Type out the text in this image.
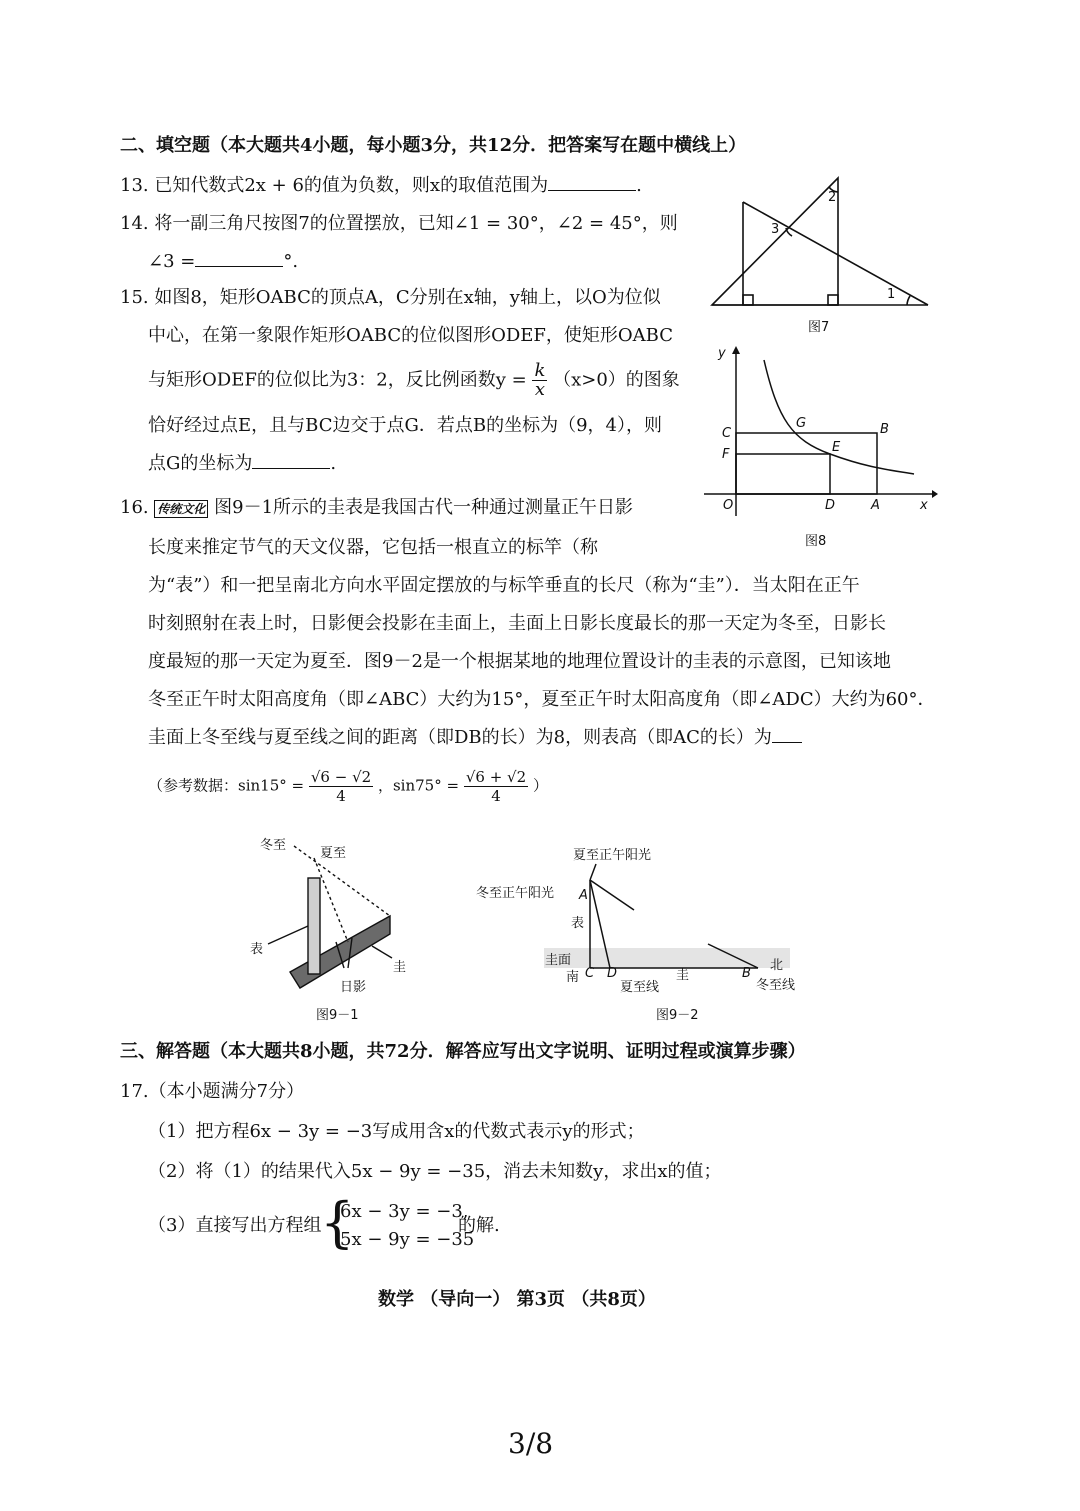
二、填空题（本大题共4小题，每小题3分，共12分．把答案写在题中横线上）
13. 已知代数式2x + 6的值为负数，则x的取值范围为	.
14. 将一副三角尺按图7的位置摆放，已知∠1 = 30°，∠2 = 45°，则
∠3 =	°.
15. 如图8，矩形OABC的顶点A，C分别在x轴，y轴上，以O为位似
中心，在第一象限作矩形OABC的位似图形ODEF，使矩形OABC
与矩形ODEF的位似比为3：2，反比例函数$y = \frac{k}{x} (x>0)$的图象
恰好经过点E，且与BC边交于点G．若点B的坐标为（9，4），则
点G的坐标为	.
16. 传统文化 图9－1所示的圭表是我国古代一种通过测量正午日影
长度来推定节气的天文仪器，它包括一根直立的标竿（称
为“表”）和一把呈南北方向水平固定摆放的与标竿垂直的长尺（称为“圭”）．当太阳在正午
时刻照射在表上时，日影便会投影在圭面上，圭面上日影长度最长的那一天定为冬至，日影长
度最短的那一天定为夏至．图9－2是一个根据某地的地理位置设计的圭表的示意图，已知该地
冬至正午时太阳高度角（即∠ABC）大约为15°，夏至正午时太阳高度角（即∠ADC）大约为60°．
圭面上冬至线与夏至线之间的距离（即DB的长）为8，则表高（即AC的长）为
（参考数据：$\sin 15^\circ = \frac{√6 - √2}{4}$ ，$\sin 75^\circ = \frac{√6 + √2}{4}$ ）
1
2
3
图7
y
x
O
C
F
G
E
B
D	A
图8
冬至
夏至
表
圭
日影
图9－1
夏至正午阳光
冬至正午阳光 A
表
圭面
南 C D
夏至线
圭	B
北
冬至线
图9－2
三、解答题（本大题共8小题，共72分．解答应写出文字说明、证明过程或演算步骤）
17.（本小题满分7分）
（1）把方程6x − 3y = −3写成用含x的代数式表示y的形式；
（2）将（1）的结果代入5x − 9y = −35，消去未知数y，求出x的值；
（3）直接写出方程组
{
6x − 3y = −3,
5x − 9y = −35
的解.
数学 （导向一） 第3页 （共8页）
3/8
